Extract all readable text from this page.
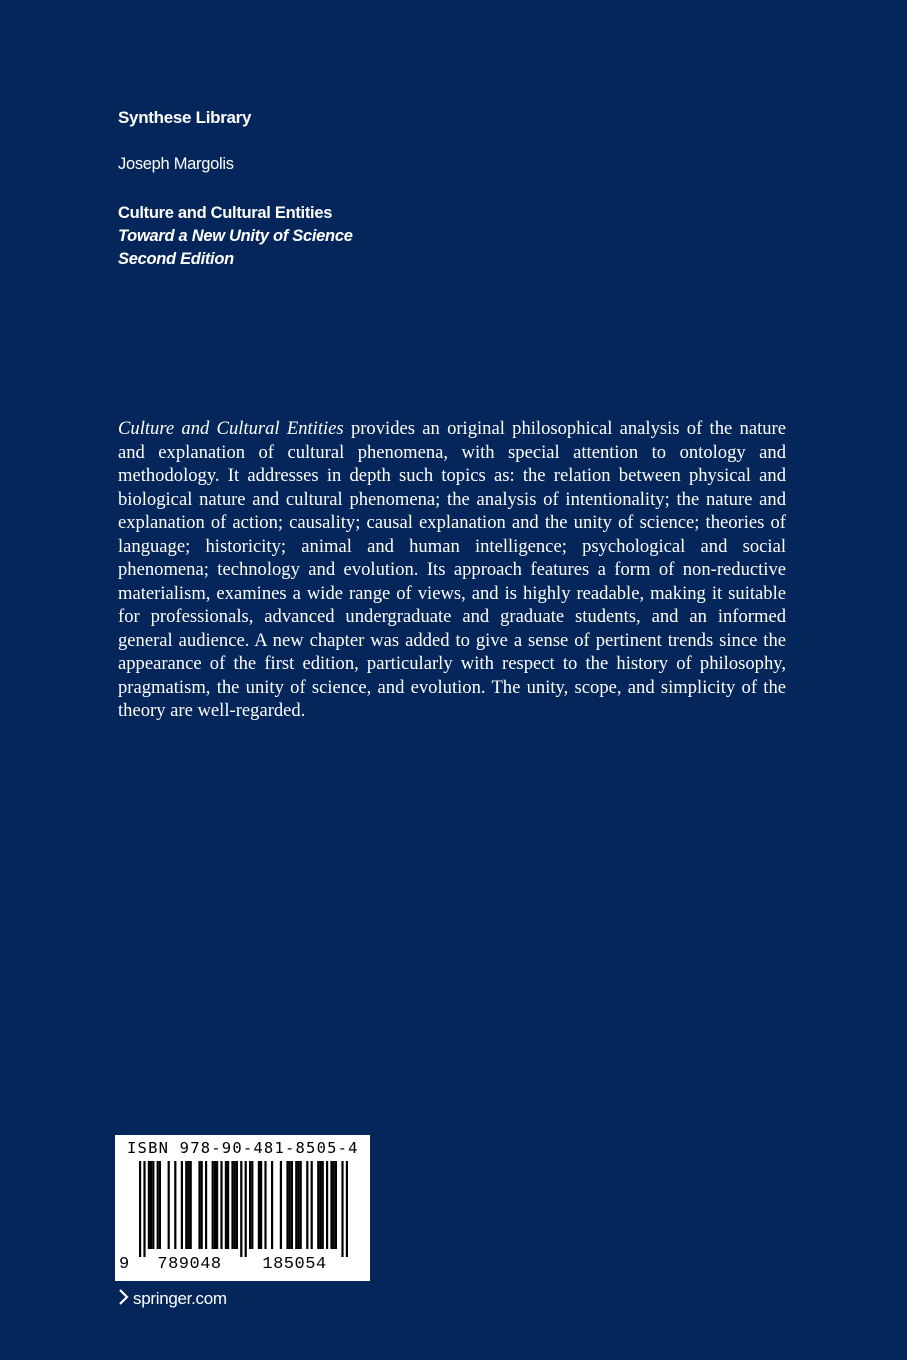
Synthese Library
Joseph Margolis
Culture and Cultural Entities
Toward a New Unity of Science
Second Edition

Culture and Cultural Entities provides an original philosophical analysis of the nature and explanation of cultural phenomena, with special attention to ontology and methodology. It addresses in depth such topics as: the relation between physical and biological nature and cultural phenomena; the analysis of intentionality; the nature and explanation of action; causality; causal explanation and the unity of science; theories of language; historicity; animal and human intelligence; psychological and social phenomena; technology and evolution. Its approach features a form of non-reductive materialism, examines a wide range of views, and is highly readable, making it suitable for professionals, advanced undergraduate and graduate students, and an informed general audience. A new chapter was added to give a sense of pertinent trends since the appearance of the first edition, particularly with respect to the history of philosophy, pragmatism, the unity of science, and evolution. The unity, scope, and simplicity of the theory are well-regarded.

ISBN 978-90-481-8505-4
9 789048 185054
springer.com
